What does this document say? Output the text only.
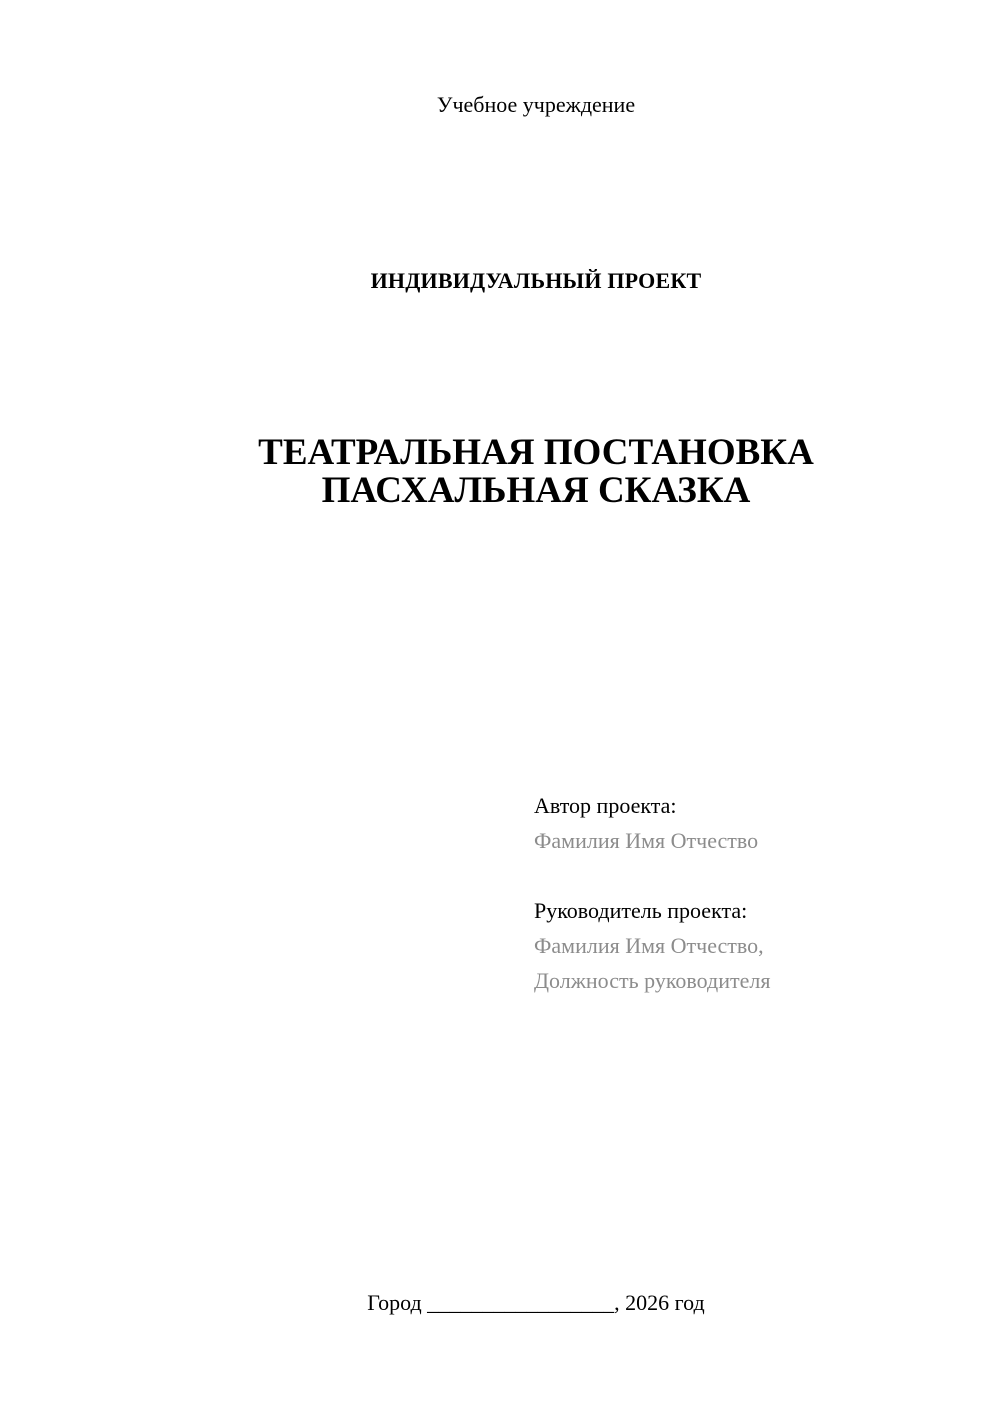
Учебное учреждение
ИНДИВИДУАЛЬНЫЙ ПРОЕКТ
ТЕАТРАЛЬНАЯ ПОСТАНОВКА
ПАСХАЛЬНАЯ СКАЗКА
Автор проекта:
Фамилия Имя Отчество
Руководитель проекта:
Фамилия Имя Отчество,
Должность руководителя
Город _________________, 2026 год
